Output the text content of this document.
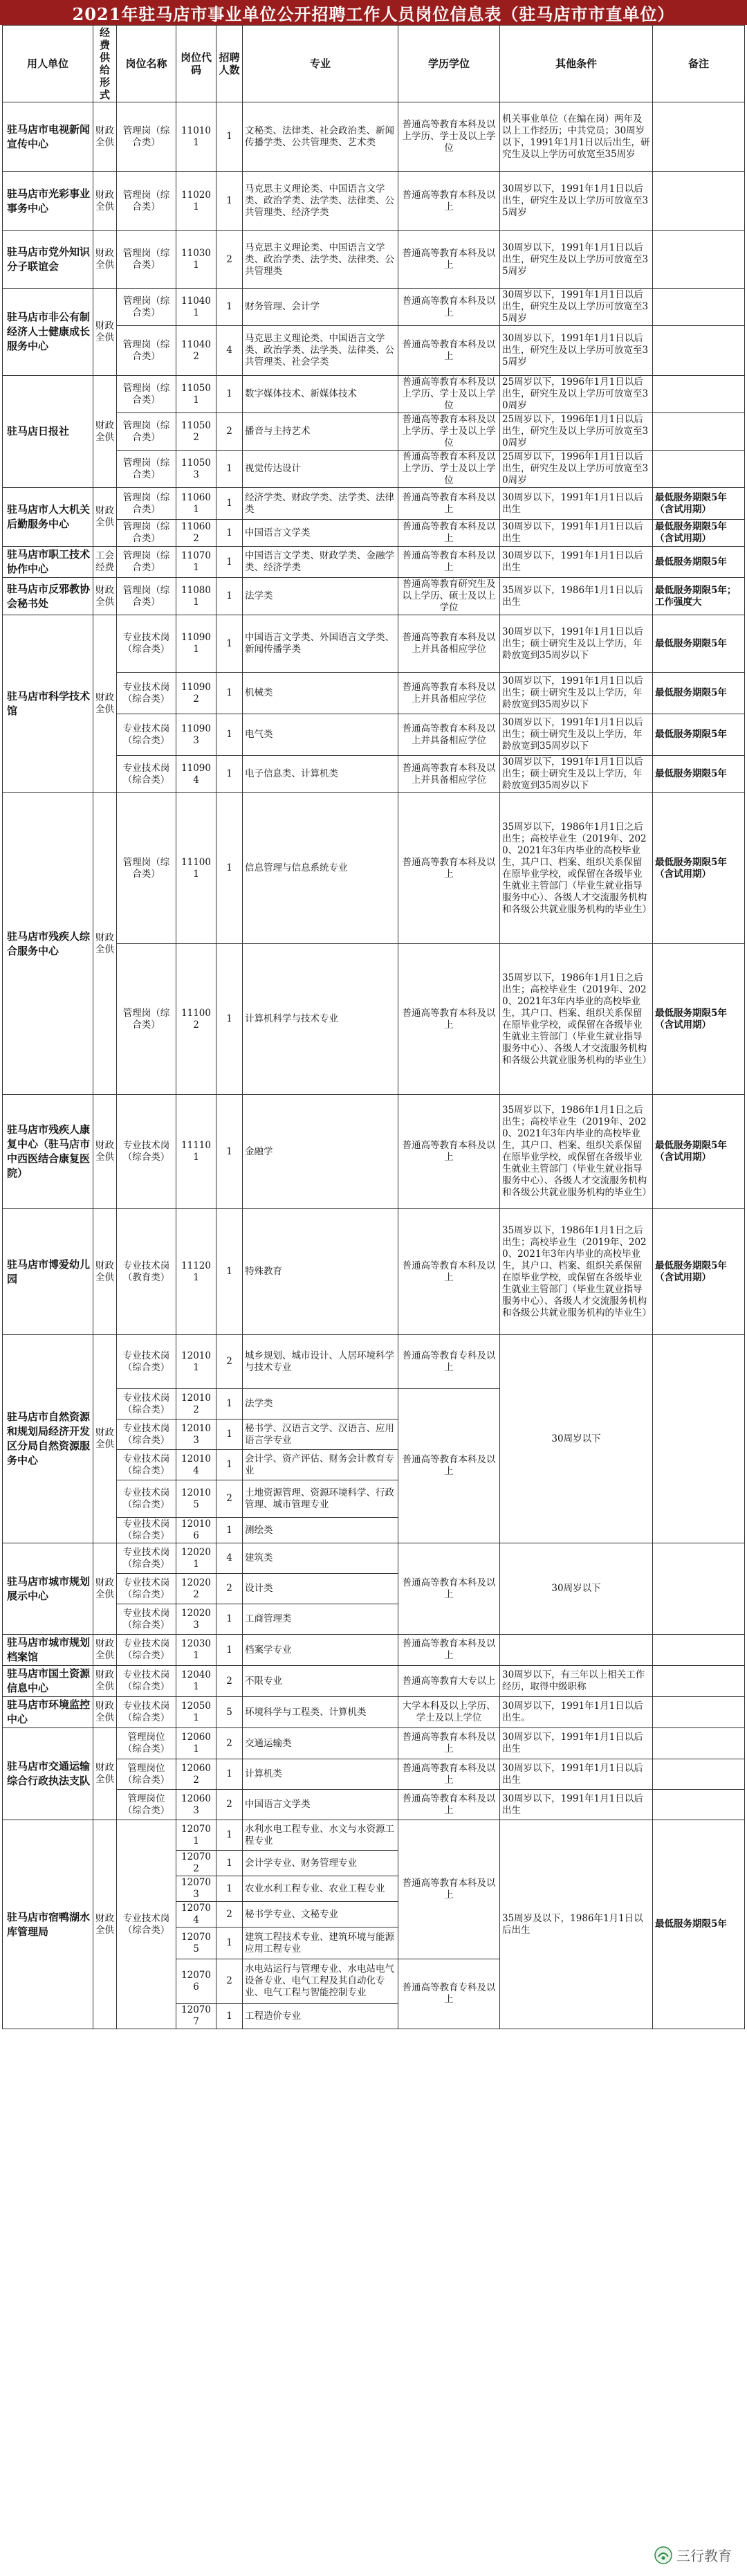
2021年驻马店市事业单位公开招聘工作人员岗位信息表（驻马店市市直单位）
用人单位	经费供给形式	岗位名称	岗位代码	招聘人数	专业	学历学位	其他条件	备注
驻马店市电视新闻宣传中心	财政全供	管理岗（综合类）	110101	1	文秘类、法律类、社会政治类、新闻传播学类、公共管理类、艺术类	普通高等教育本科及以上学历、学士及以上学位	机关事业单位（在编在岗）两年及以上工作经历；中共党员；30周岁以下，1991年1月1日以后出生，研究生及以上学历可放宽至35周岁	
驻马店市光彩事业事务中心	财政全供	管理岗（综合类）	110201	1	马克思主义理论类、中国语言文学类、政治学类、法学类、法律类、公共管理类、经济学类	普通高等教育本科及以上	30周岁以下，1991年1月1日以后出生，研究生及以上学历可放宽至35周岁	
驻马店市党外知识分子联谊会	财政全供	管理岗（综合类）	110301	2	马克思主义理论类、中国语言文学类、政治学类、法学类、法律类、公共管理类	普通高等教育本科及以上	30周岁以下，1991年1月1日以后出生，研究生及以上学历可放宽至35周岁	
驻马店市非公有制经济人士健康成长服务中心	财政全供	管理岗（综合类）	110401	1	财务管理、会计学	普通高等教育本科及以上	30周岁以下，1991年1月1日以后出生，研究生及以上学历可放宽至35周岁	
		管理岗（综合类）	110402	4	马克思主义理论类、中国语言文学类、政治学类、法学类、法律类、公共管理类、社会学类	普通高等教育本科及以上	30周岁以下，1991年1月1日以后出生，研究生及以上学历可放宽至35周岁	
驻马店日报社	财政全供	管理岗（综合类）	110501	1	数字媒体技术、新媒体技术	普通高等教育本科及以上学历、学士及以上学位	25周岁以下，1996年1月1日以后出生，研究生及以上学历可放宽至30周岁	
		管理岗（综合类）	110502	2	播音与主持艺术	普通高等教育本科及以上学历、学士及以上学位	25周岁以下，1996年1月1日以后出生，研究生及以上学历可放宽至30周岁	
		管理岗（综合类）	110503	1	视觉传达设计	普通高等教育本科及以上学历、学士及以上学位	25周岁以下，1996年1月1日以后出生，研究生及以上学历可放宽至30周岁	
驻马店市人大机关后勤服务中心	财政全供	管理岗（综合类）	110601	1	经济学类、财政学类、法学类、法律类	普通高等教育本科及以上	30周岁以下，1991年1月1日以后出生	最低服务期限5年（含试用期）
		管理岗（综合类）	110602	1	中国语言文学类	普通高等教育本科及以上	30周岁以下，1991年1月1日以后出生	最低服务期限5年（含试用期）
驻马店市职工技术协作中心	工会经费	管理岗（综合类）	110701	1	中国语言文学类、财政学类、金融学类、经济学类	普通高等教育本科及以上	30周岁以下，1991年1月1日以后出生	最低服务期限5年
驻马店市反邪教协会秘书处	财政全供	管理岗（综合类）	110801	1	法学类	普通高等教育研究生及以上学历、硕士及以上学位	35周岁以下，1986年1月1日以后出生	最低服务期限5年；工作强度大
驻马店市科学技术馆	财政全供	专业技术岗（综合类）	110901	1	中国语言文学类、外国语言文学类、新闻传播学类	普通高等教育本科及以上并具备相应学位	30周岁以下，1991年1月1日以后出生；硕士研究生及以上学历，年龄放宽到35周岁以下	最低服务期限5年
		专业技术岗（综合类）	110902	1	机械类	普通高等教育本科及以上并具备相应学位	30周岁以下，1991年1月1日以后出生；硕士研究生及以上学历，年龄放宽到35周岁以下	最低服务期限5年
		专业技术岗（综合类）	110903	1	电气类	普通高等教育本科及以上并具备相应学位	30周岁以下，1991年1月1日以后出生；硕士研究生及以上学历，年龄放宽到35周岁以下	最低服务期限5年
		专业技术岗（综合类）	110904	1	电子信息类、计算机类	普通高等教育本科及以上并具备相应学位	30周岁以下，1991年1月1日以后出生；硕士研究生及以上学历，年龄放宽到35周岁以下	最低服务期限5年
驻马店市残疾人综合服务中心	财政全供	管理岗（综合类）	111001	1	信息管理与信息系统专业	普通高等教育本科及以上	35周岁以下，1986年1月1日之后出生；高校毕业生（2019年、2020、2021年3年内毕业的高校毕业生，其户口、档案、组织关系保留在原毕业学校，或保留在各级毕业生就业主管部门（毕业生就业指导服务中心）、各级人才交流服务机构和各级公共就业服务机构的毕业生）	最低服务期限5年（含试用期）
		管理岗（综合类）	111002	1	计算机科学与技术专业	普通高等教育本科及以上	35周岁以下，1986年1月1日之后出生；高校毕业生（2019年、2020、2021年3年内毕业的高校毕业生，其户口、档案、组织关系保留在原毕业学校，或保留在各级毕业生就业主管部门（毕业生就业指导服务中心）、各级人才交流服务机构和各级公共就业服务机构的毕业生）	最低服务期限5年（含试用期）
驻马店市残疾人康复中心（驻马店市中西医结合康复医院）	财政全供	专业技术岗（综合类）	111101	1	金融学	普通高等教育本科及以上	35周岁以下，1986年1月1日之后出生；高校毕业生（2019年、2020、2021年3年内毕业的高校毕业生，其户口、档案、组织关系保留在原毕业学校，或保留在各级毕业生就业主管部门（毕业生就业指导服务中心）、各级人才交流服务机构和各级公共就业服务机构的毕业生）	最低服务期限5年（含试用期）
驻马店市博爱幼儿园	财政全供	专业技术岗（教育类）	111201	1	特殊教育	普通高等教育本科及以上	35周岁以下，1986年1月1日之后出生；高校毕业生（2019年、2020、2021年3年内毕业的高校毕业生，其户口、档案、组织关系保留在原毕业学校，或保留在各级毕业生就业主管部门（毕业生就业指导服务中心）、各级人才交流服务机构和各级公共就业服务机构的毕业生）	最低服务期限5年（含试用期）
驻马店市自然资源和规划局经济开发区分局自然资源服务中心	财政全供	专业技术岗（综合类）	120101	2	城乡规划、城市设计、人居环境科学与技术专业	普通高等教育专科及以上	30周岁以下	
		专业技术岗（综合类）	120102	1	法学类	普通高等教育本科及以上		
		专业技术岗（综合类）	120103	1	秘书学、汉语言文学、汉语言、应用语言学专业			
		专业技术岗（综合类）	120104	1	会计学、资产评估、财务会计教育专业			
		专业技术岗（综合类）	120105	2	土地资源管理、资源环境科学、行政管理、城市管理专业			
		专业技术岗（综合类）	120106	1	测绘类			
驻马店市城市规划展示中心	财政全供	专业技术岗（综合类）	120201	4	建筑类	普通高等教育本科及以上	30周岁以下	
		专业技术岗（综合类）	120202	2	设计类			
		专业技术岗（综合类）	120203	1	工商管理类			
驻马店市城市规划档案馆	财政全供	专业技术岗（综合类）	120301	1	档案学专业	普通高等教育本科及以上		
驻马店市国土资源信息中心	财政全供	专业技术岗（综合类）	120401	2	不限专业	普通高等教育大专以上	30周岁以下，有三年以上相关工作经历，取得中级职称	
驻马店市环境监控中心	财政全供	专业技术岗（综合类）	120501	5	环境科学与工程类、计算机类	大学本科及以上学历、学士及以上学位	30周岁以下，1991年1月1日以后出生。	
驻马店市交通运输综合行政执法支队	财政全供	管理岗位（综合类）	120601	2	交通运输类	普通高等教育本科及以上	30周岁以下，1991年1月1日以后出生	
		管理岗位（综合类）	120602	1	计算机类	普通高等教育本科及以上	30周岁以下，1991年1月1日以后出生	
		管理岗位（综合类）	120603	2	中国语言文学类	普通高等教育本科及以上	30周岁以下，1991年1月1日以后出生	
驻马店市宿鸭湖水库管理局	财政全供	专业技术岗（综合类）	120701	1	水利水电工程专业、水文与水资源工程专业	普通高等教育本科及以上	35周岁及以下，1986年1月1日以后出生	最低服务期限5年
			120702	1	会计学专业、财务管理专业			
			120703	1	农业水利工程专业、农业工程专业			
			120704	2	秘书学专业、文秘专业			
			120705	1	建筑工程技术专业、建筑环境与能源应用工程专业			
			120706	2	水电站运行与管理专业、水电站电气设备专业、电气工程及其自动化专业、电气工程与智能控制专业	普通高等教育专科及以上		
			120707	1	工程造价专业			
三行教育
